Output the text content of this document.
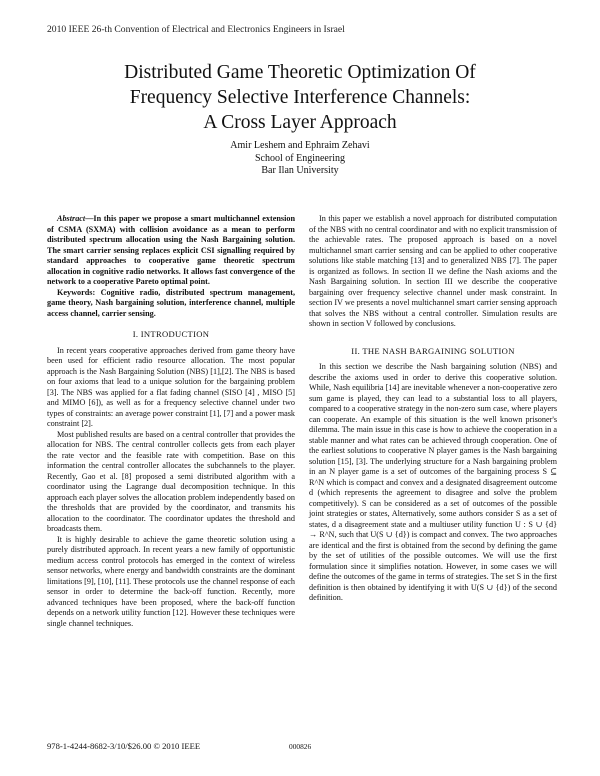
2010 IEEE 26-th Convention of Electrical and Electronics Engineers in Israel
Distributed Game Theoretic Optimization Of
Frequency Selective Interference Channels:
A Cross Layer Approach
Amir Leshem and Ephraim Zehavi
School of Engineering
Bar Ilan University

Abstract—In this paper we propose a smart multichannel extension of CSMA (SXMA) with collision avoidance as a mean to perform distributed spectrum allocation using the Nash Bargaining solution. The smart carrier sensing replaces explicit CSI signalling required by standard approaches to cooperative game theoretic spectrum allocation in cognitive radio networks. It allows fast convergence of the network to a cooperative Pareto optimal point.

Keywords: Cognitive radio, distributed spectrum management, game theory, Nash bargaining solution, interference channel, multiple access channel, carrier sensing.

I. INTRODUCTION

In recent years cooperative approaches derived from game theory have been used for efficient radio resource allocation. The most popular approach is the Nash Bargaining Solution (NBS) [1],[2]. The NBS is based on four axioms that lead to a unique solution for the bargaining problem [3]. The NBS was applied for a flat fading channel (SISO [4] , MISO [5] and MIMO [6]), as well as for a frequency selective channel under two types of constraints: an average power constraint [1], [7] and a power mask constraint [2].

Most published results are based on a central controller that provides the allocation for NBS. The central controller collects gets from each player the rate vector and the feasible rate with competition. Base on this information the central controller allocates the subchannels to the player. Recently, Gao et al. [8] proposed a semi distributed algorithm with a coordinator using the Lagrange dual decomposition technique. In this approach each player solves the allocation problem independently based on the thresholds that are provided by the coordinator, and transmits his allocation to the coordinator. The coordinator updates the threshold and broadcasts them.

It is highly desirable to achieve the game theoretic solution using a purely distributed approach. In recent years a new family of opportunistic medium access control protocols has emerged in the context of wireless sensor networks, where energy and bandwidth constraints are the dominant limitations [9], [10], [11]. These protocols use the channel response of each sensor in order to determine the back-off function. Recently, more advanced techniques have been proposed, where the back-off function depends on a network utility function [12]. However these techniques were single channel techniques.

In this paper we establish a novel approach for distributed computation of the NBS with no central coordinator and with no explicit transmission of the achievable rates. The proposed approach is based on a novel multichannel smart carrier sensing and can be applied to other cooperative solutions like stable matching [13] and to generalized NBS [7]. The paper is organized as follows. In section II we define the Nash axioms and the Nash Bargaining solution. In section III we describe the cooperative bargaining over frequency selective channel under mask constraint. In section IV we presents a novel multichannel smart carrier sensing approach that solves the NBS without a central controller. Simulation results are shown in section V followed by conclusions.

II. THE NASH BARGAINING SOLUTION

In this section we describe the Nash bargaining solution (NBS) and describe the axioms used in order to derive this cooperative solution. While, Nash equilibria [14] are inevitable whenever a non-cooperative zero sum game is played, they can lead to a substantial loss to all players, compared to a cooperative strategy in the non-zero sum case, where players can cooperate. An example of this situation is the well known prisoner's dilemma. The main issue in this case is how to achieve the cooperation in a stable manner and what rates can be achieved through cooperation. One of the earliest solutions to cooperative N player games is the Nash bargaining solution [15], [3]. The underlying structure for a Nash bargaining problem in an N player game is a set of outcomes of the bargaining process S ⊆ R^N which is compact and convex and a designated disagreement outcome d (which represents the agreement to disagree and solve the problem competitively). S can be considered as a set of outcomes of the possible joint strategies or states, Alternatively, some authors consider S as a set of states, d a disagreement state and a multiuser utility function U : S ∪ {d} → R^N, such that U(S ∪ {d}) is compact and convex. The two approaches are identical and the first is obtained from the second by defining the game by the set of utilities of the possible outcomes. We will use the first formulation since it simplifies notation. However, in some cases we will define the outcomes of the game in terms of strategies. The set S in the first definition is then obtained by identifying it with U(S ∪ {d}) of the second definition.

978-1-4244-8682-3/10/$26.00 © 2010 IEEE	000826
